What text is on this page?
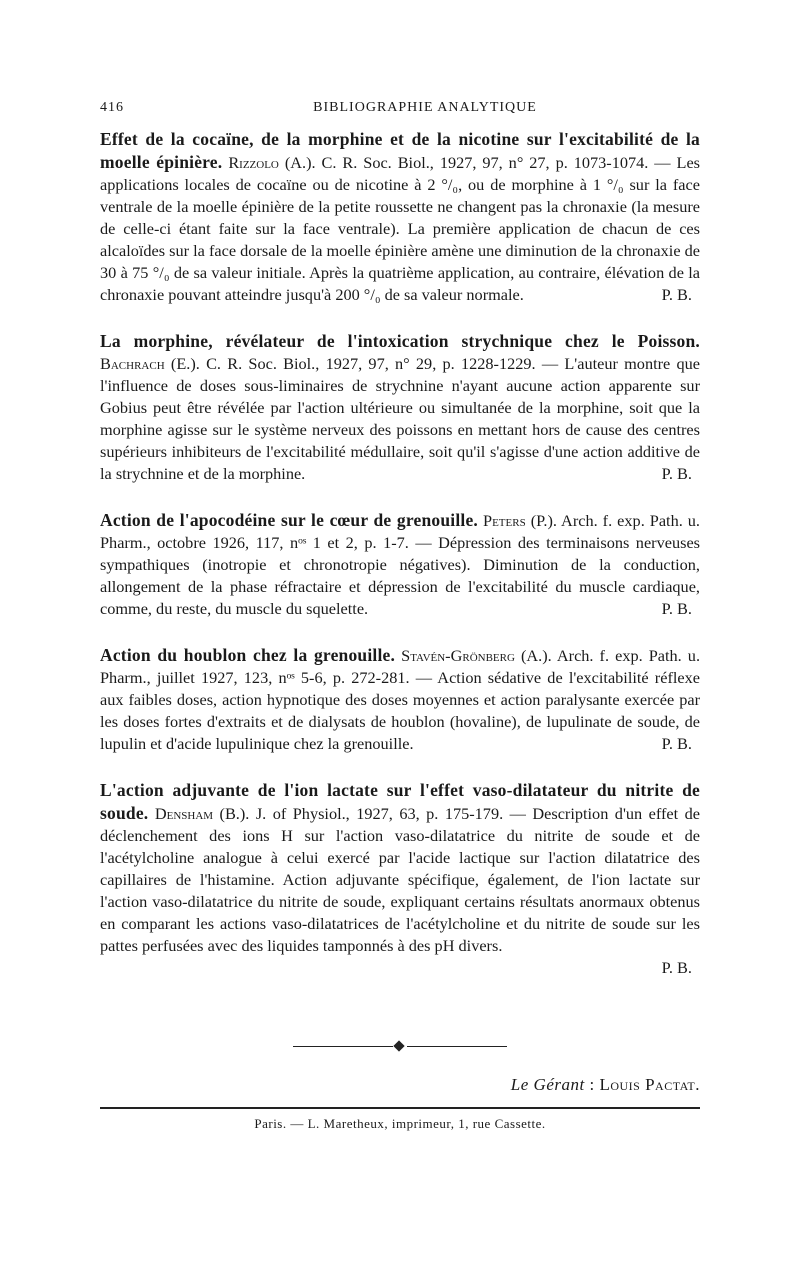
416	BIBLIOGRAPHIE ANALYTIQUE

Effet de la cocaïne, de la morphine et de la nicotine sur l'excitabilité de la moelle épinière. Rizzolo (A.). C. R. Soc. Biol., 1927, 97, n° 27, p. 1073-1074. — Les applications locales de cocaïne ou de nicotine à 2 °/₀, ou de morphine à 1 °/₀ sur la face ventrale de la moelle épinière de la petite roussette ne changent pas la chronaxie (la mesure de celle-ci étant faite sur la face ventrale). La première application de chacun de ces alcaloïdes sur la face dorsale de la moelle épinière amène une diminution de la chronaxie de 30 à 75 °/₀ de sa valeur initiale. Après la quatrième application, au contraire, élévation de la chronaxie pouvant atteindre jusqu'à 200 °/₀ de sa valeur normale.	P. B.

La morphine, révélateur de l'intoxication strychnique chez le Poisson. Bachrach (E.). C. R. Soc. Biol., 1927, 97, n° 29, p. 1228-1229. — L'auteur montre que l'influence de doses sous-liminaires de strychnine n'ayant aucune action apparente sur Gobius peut être révélée par l'action ultérieure ou simultanée de la morphine, soit que la morphine agisse sur le système nerveux des poissons en mettant hors de cause des centres supérieurs inhibiteurs de l'excitabilité médullaire, soit qu'il s'agisse d'une action additive de la strychnine et de la morphine.	P. B.

Action de l'apocodéine sur le cœur de grenouille. Peters (P.). Arch. f. exp. Path. u. Pharm., octobre 1926, 117, nᵒˢ 1 et 2, p. 1-7. — Dépression des terminaisons nerveuses sympathiques (inotropie et chronotropie négatives). Diminution de la conduction, allongement de la phase réfractaire et dépression de l'excitabilité du muscle cardiaque, comme, du reste, du muscle du squelette.	P. B.

Action du houblon chez la grenouille. Stavén-Grönberg (A.). Arch. f. exp. Path. u. Pharm., juillet 1927, 123, nᵒˢ 5-6, p. 272-281. — Action sédative de l'excitabilité réflexe aux faibles doses, action hypnotique des doses moyennes et action paralysante exercée par les doses fortes d'extraits et de dialysats de houblon (hovaline), de lupulinate de soude, de lupulin et d'acide lupulinique chez la grenouille.	P. B.

L'action adjuvante de l'ion lactate sur l'effet vaso-dilatateur du nitrite de soude. Densham (B.). J. of Physiol., 1927, 63, p. 175-179. — Description d'un effet de déclenchement des ions H sur l'action vaso-dilatatrice du nitrite de soude et de l'acétylcholine analogue à celui exercé par l'acide lactique sur l'action dilatatrice des capillaires de l'histamine. Action adjuvante spécifique, également, de l'ion lactate sur l'action vaso-dilatatrice du nitrite de soude, expliquant certains résultats anormaux obtenus en comparant les actions vaso-dilatatrices de l'acétylcholine et du nitrite de soude sur les pattes perfusées avec des liquides tamponnés à des pH divers.
P. B.

Le Gérant : Louis Pactat.
Paris. — L. Maretheux, imprimeur, 1, rue Cassette.
